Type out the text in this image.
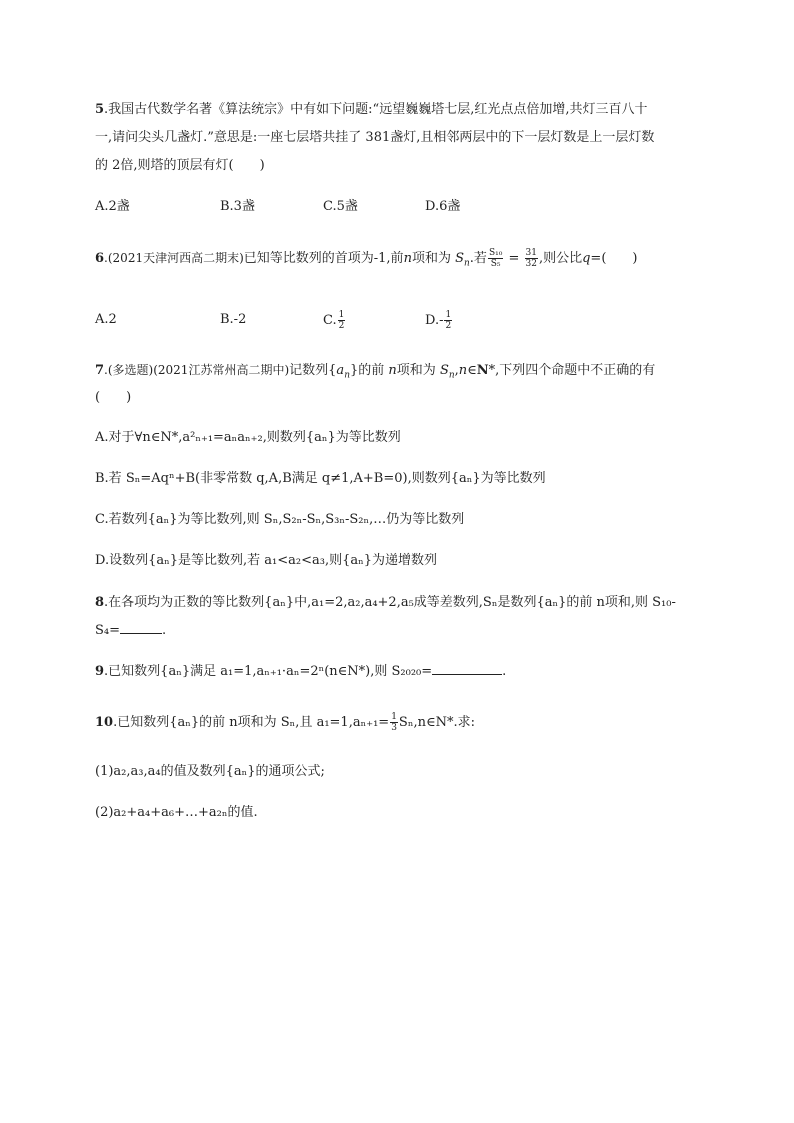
5.我国古代数学名著《算法统宗》中有如下问题:“远望巍巍塔七层,红光点点倍加增,共灯三百八十
一,请问尖头几盏灯.”意思是:一座七层塔共挂了 381盏灯,且相邻两层中的下一层灯数是上一层灯数
的 2倍,则塔的顶层有灯(　　)
A.2盏	B.3盏	C.5盏	D.6盏
6.(2021天津河西高二期末)已知等比数列的首项为-1,前n项和为 $S_n$.若 $\frac{\text{S₁₀}}{\text{S₅}} = \frac{31}{32}$ ,则公比q=(　　)
A.2	B.-2	C. $\frac{1}{2}$	$D.- \frac{1}{2}$
7.(多选题)(2021江苏常州高二期中)记数列$\{a_n\}$的前 n项和为 $S_n,n\in N*$,下列四个命题中不正确的有
(　　)
A.对于∀n∈N*,a²ₙ₊₁=aₙaₙ₊₂,则数列{aₙ}为等比数列
B.若 Sₙ=Aqⁿ+B(非零常数 q,A,B满足 q≠1,A+B=0),则数列{aₙ}为等比数列
C.若数列{aₙ}为等比数列,则 Sₙ,S₂ₙ-Sₙ,S₃ₙ-S₂ₙ,…仍为等比数列
D.设数列{aₙ}是等比数列,若 a₁<a₂<a₃,则{aₙ}为递增数列
8.在各项均为正数的等比数列{aₙ}中,a₁=2,a₂,a₄+2,a₅成等差数列,Sₙ是数列{aₙ}的前 n项和,则 S₁₀-
S₄=	.
9.已知数列{aₙ}满足 a₁=1,aₙ₊₁·aₙ=2ⁿ(n∈N*),则 S₂₀₂₀=	.
10.已知数列{aₙ}的前 n项和为 Sₙ,且 $a_1=1,a_{n+1}= \frac{1}{3}$ Sₙ,n∈N*.求:
(1)a₂,a₃,a₄的值及数列{aₙ}的通项公式;
(2)a₂+a₄+a₆+…+a₂ₙ的值.
